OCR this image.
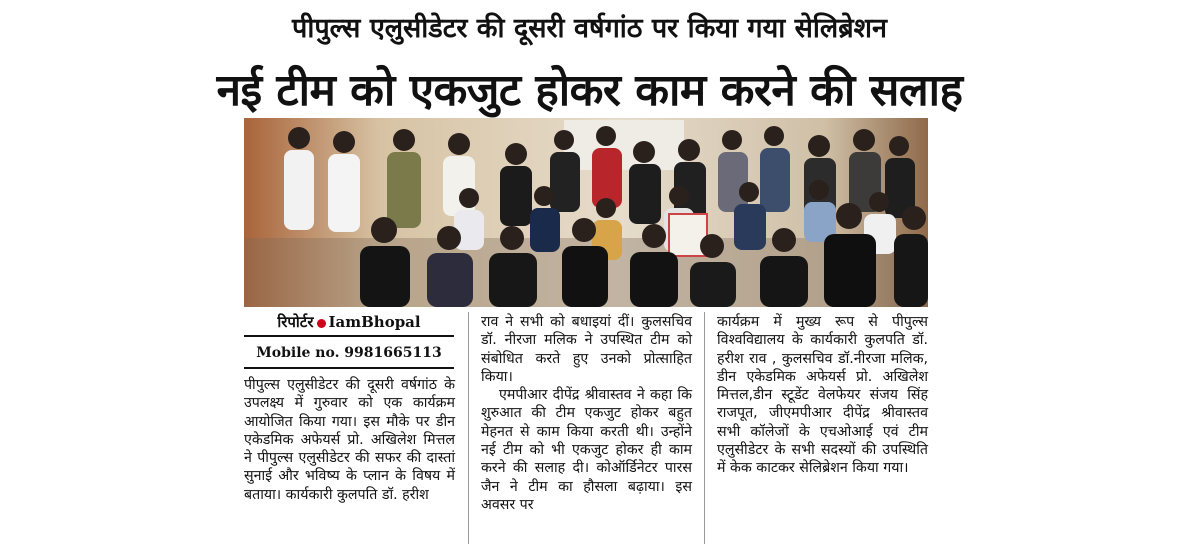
पीपुल्स एलुसीडेटर की दूसरी वर्षगांठ पर किया गया सेलिब्रेशन
नई टीम को एकजुट होकर काम करने की सलाह
रिपोर्टर IamBhopal
Mobile no. 9981665113

पीपुल्स एलुसीडेटर की दूसरी वर्षगांठ के उपलक्ष्य में गुरुवार को एक कार्यक्रम आयोजित किया गया। इस मौके पर डीन एकेडमिक अफेयर्स प्रो. अखिलेश मित्तल ने पीपुल्स एलुसीडेटर की सफर की दास्तां सुनाई और भविष्य के प्लान के विषय में बताया। कार्यकारी कुलपति डॉ. हरीश

राव ने सभी को बधाइयां दीं। कुलसचिव डॉ. नीरजा मलिक ने उपस्थित टीम को संबोधित करते हुए उनको प्रोत्साहित किया।

एमपीआर दीपेंद्र श्रीवास्तव ने कहा कि शुरुआत की टीम एकजुट होकर बहुत मेहनत से काम किया करती थी। उन्होंने नई टीम को भी एकजुट होकर ही काम करने की सलाह दी। कोऑर्डिनेटर पारस जैन ने टीम का हौसला बढ़ाया। इस अवसर पर

कार्यक्रम में मुख्य रूप से पीपुल्स विश्वविद्यालय के कार्यकारी कुलपति डॉ. हरीश राव , कुलसचिव डॉ.नीरजा मलिक, डीन एकेडमिक अफेयर्स प्रो. अखिलेश मित्तल,डीन स्टूडेंट वेलफेयर संजय सिंह राजपूत, जीएमपीआर दीपेंद्र श्रीवास्तव सभी कॉलेजों के एचओआई एवं टीम एलुसीडेटर के सभी सदस्यों की उपस्थिति में केक काटकर सेलिब्रेशन किया गया।
